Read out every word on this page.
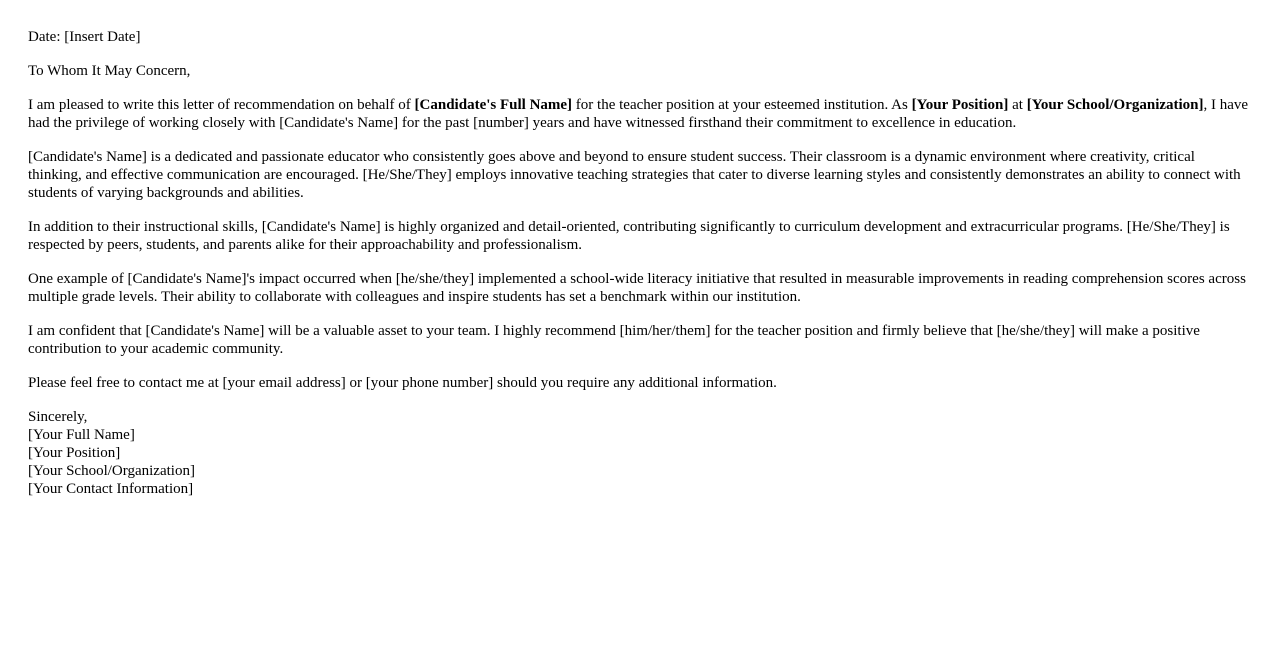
Date: [Insert Date]

To Whom It May Concern,

I am pleased to write this letter of recommendation on behalf of [Candidate's Full Name] for the teacher position at your esteemed institution. As [Your Position] at [Your School/Organization], I have had the privilege of working closely with [Candidate's Name] for the past [number] years and have witnessed firsthand their commitment to excellence in education.

[Candidate's Name] is a dedicated and passionate educator who consistently goes above and beyond to ensure student success. Their classroom is a dynamic environment where creativity, critical thinking, and effective communication are encouraged. [He/She/They] employs innovative teaching strategies that cater to diverse learning styles and consistently demonstrates an ability to connect with students of varying backgrounds and abilities.

In addition to their instructional skills, [Candidate's Name] is highly organized and detail-oriented, contributing significantly to curriculum development and extracurricular programs. [He/She/They] is respected by peers, students, and parents alike for their approachability and professionalism.

One example of [Candidate's Name]'s impact occurred when [he/she/they] implemented a school-wide literacy initiative that resulted in measurable improvements in reading comprehension scores across multiple grade levels. Their ability to collaborate with colleagues and inspire students has set a benchmark within our institution.

I am confident that [Candidate's Name] will be a valuable asset to your team. I highly recommend [him/her/them] for the teacher position and firmly believe that [he/she/they] will make a positive contribution to your academic community.

Please feel free to contact me at [your email address] or [your phone number] should you require any additional information.

Sincerely,
[Your Full Name]
[Your Position]
[Your School/Organization]
[Your Contact Information]
